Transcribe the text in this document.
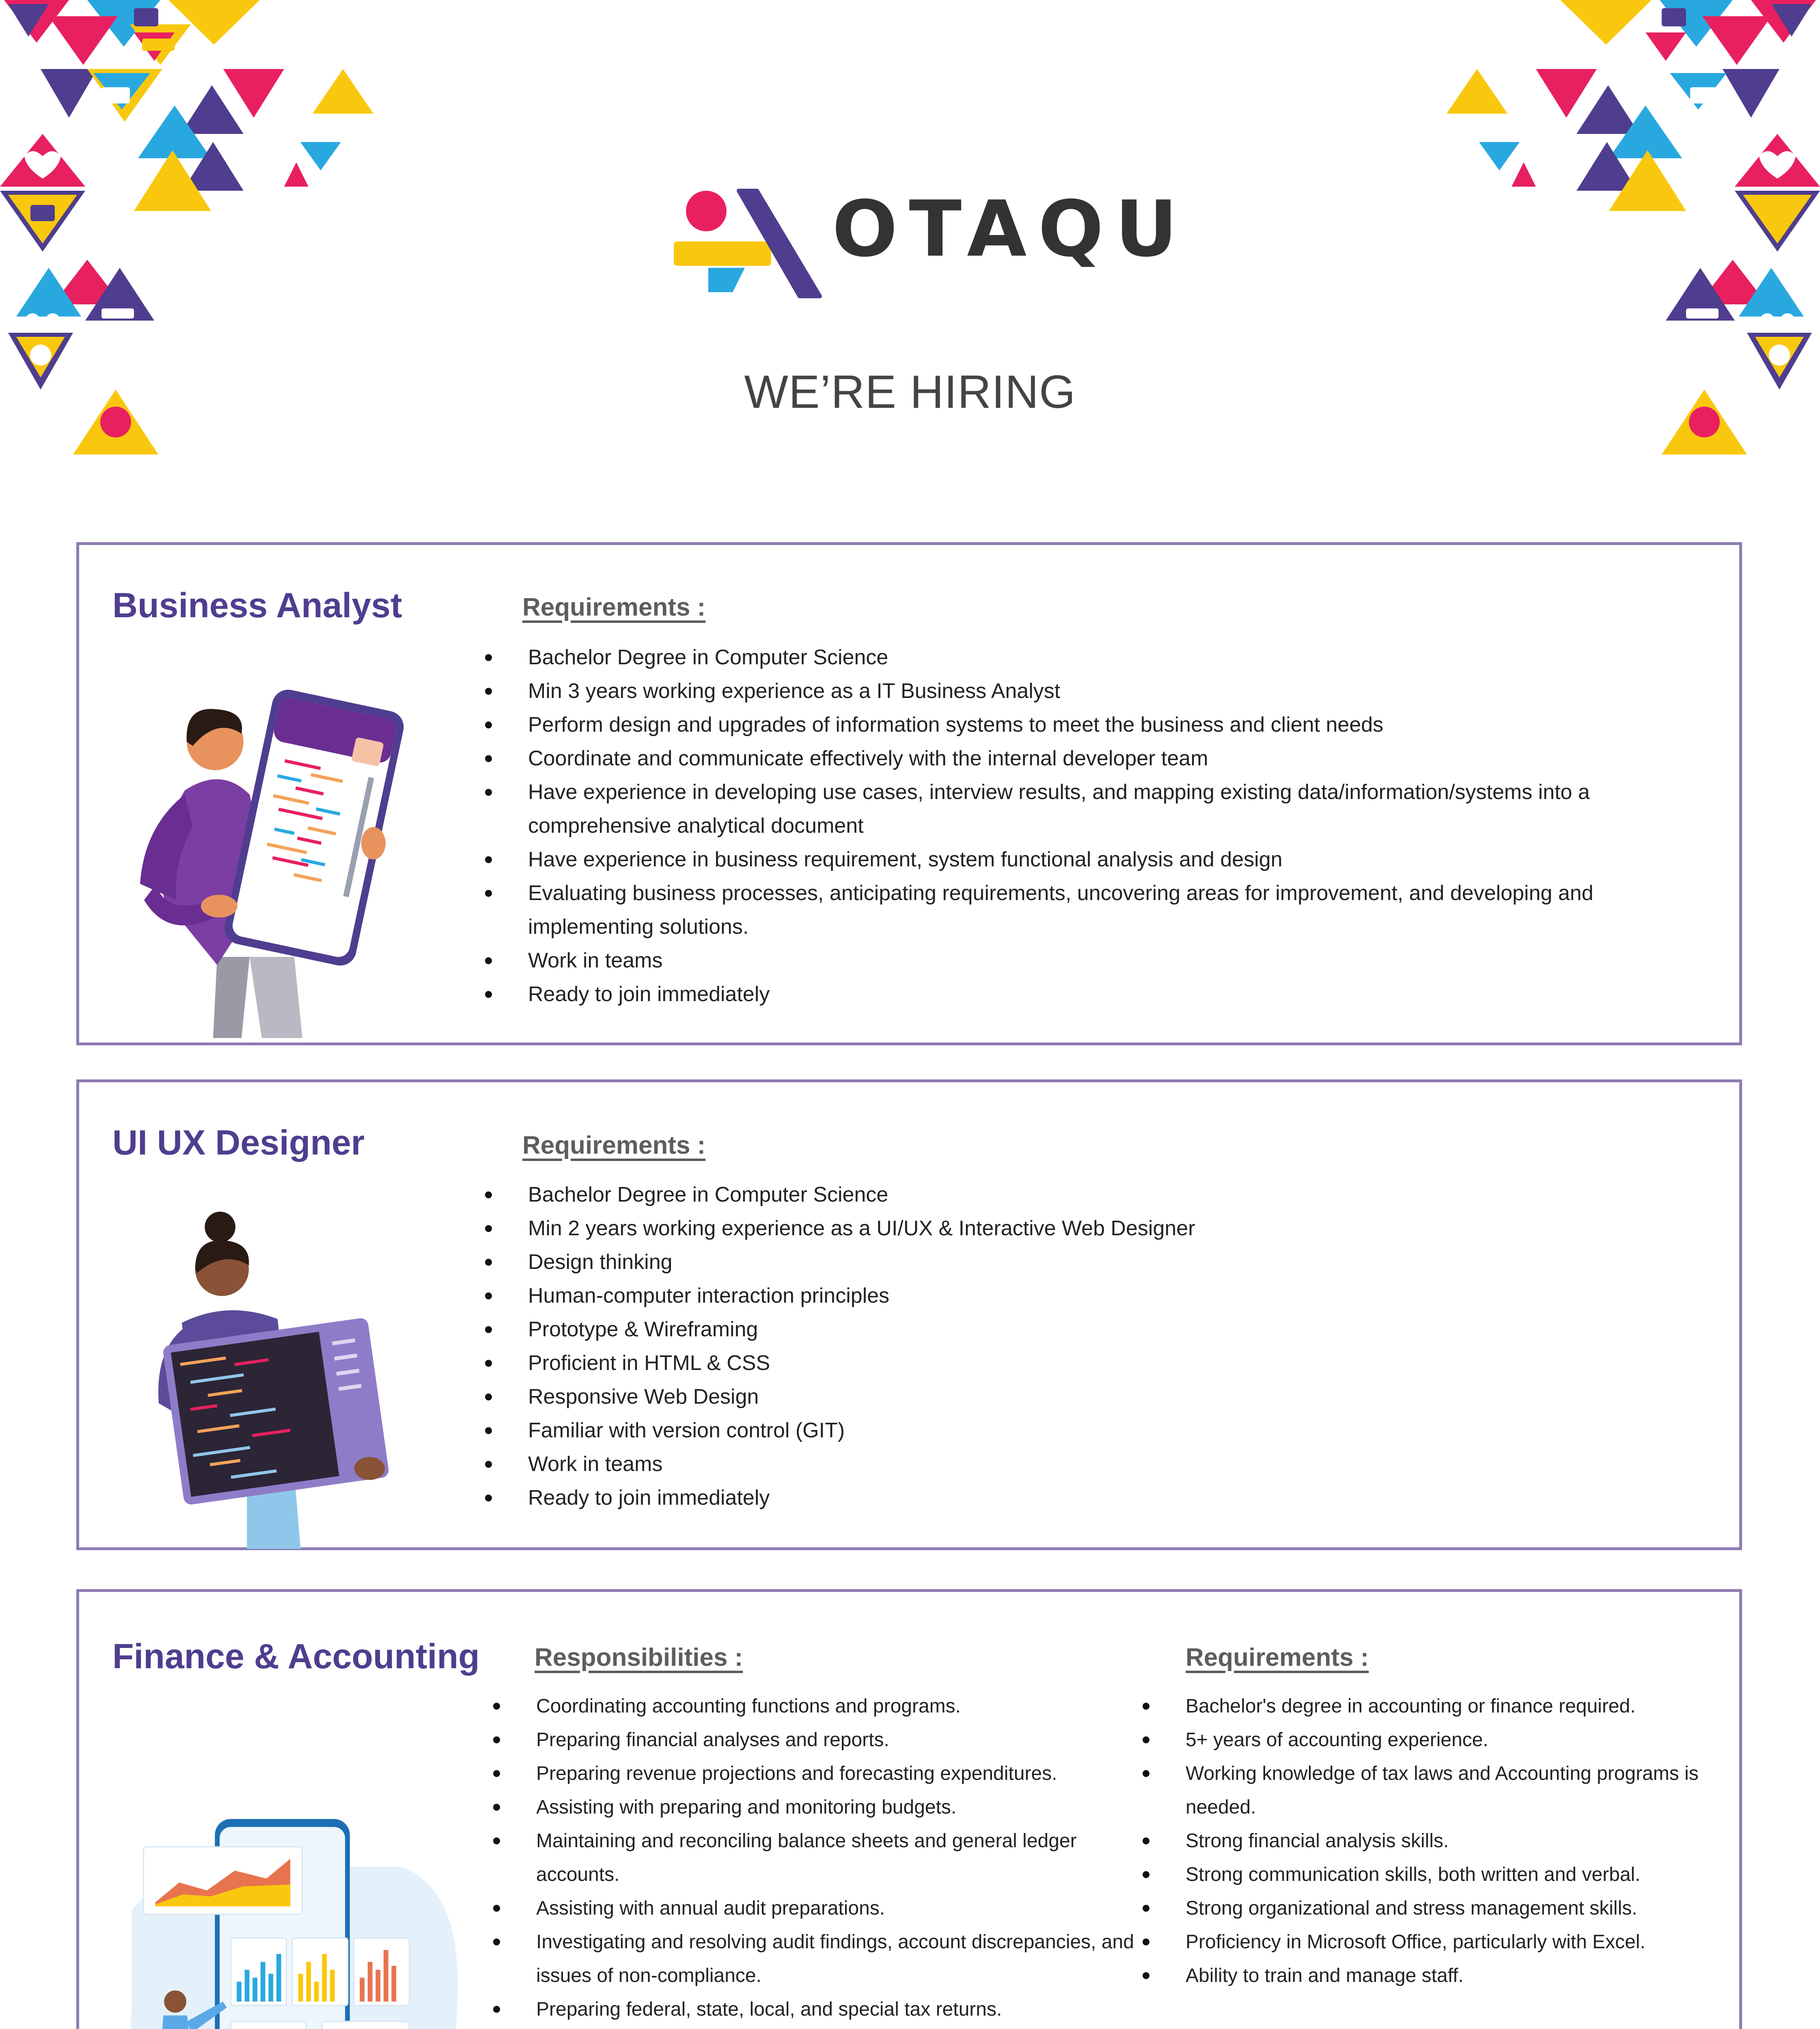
OTAQU
WE’RE HIRING
Business Analyst	Requirements :
Bachelor Degree in Computer Science
Min 3 years working experience as a IT Business Analyst
Perform design and upgrades of information systems to meet the business and client needs
Coordinate and communicate effectively with the internal developer team
Have experience in developing use cases, interview results, and mapping existing data/information/systems into a comprehensive analytical document
Have experience in business requirement, system functional analysis and design
Evaluating business processes, anticipating requirements, uncovering areas for improvement, and developing and implementing solutions.
Work in teams
Ready to join immediately
UI UX Designer	Requirements :
Bachelor Degree in Computer Science
Min 2 years working experience as a UI/UX & Interactive Web Designer
Design thinking
Human-computer interaction principles
Prototype & Wireframing
Proficient in HTML & CSS
Responsive Web Design
Familiar with version control (GIT)
Work in teams
Ready to join immediately
Finance & Accounting Responsibilities :
Coordinating accounting functions and programs.
Preparing financial analyses and reports.
Preparing revenue projections and forecasting expenditures.
Assisting with preparing and monitoring budgets.
Maintaining and reconciling balance sheets and general ledger accounts.
Assisting with annual audit preparations.
Investigating and resolving audit findings, account discrepancies, and issues of non-compliance.
Preparing federal, state, local, and special tax returns.
Requirements :
Bachelor's degree in accounting or finance required.
5+ years of accounting experience.
Working knowledge of tax laws and Accounting programs is needed.
Strong financial analysis skills.
Strong communication skills, both written and verbal.
Strong organizational and stress management skills.
Proficiency in Microsoft Office, particularly with Excel.
Ability to train and manage staff.
